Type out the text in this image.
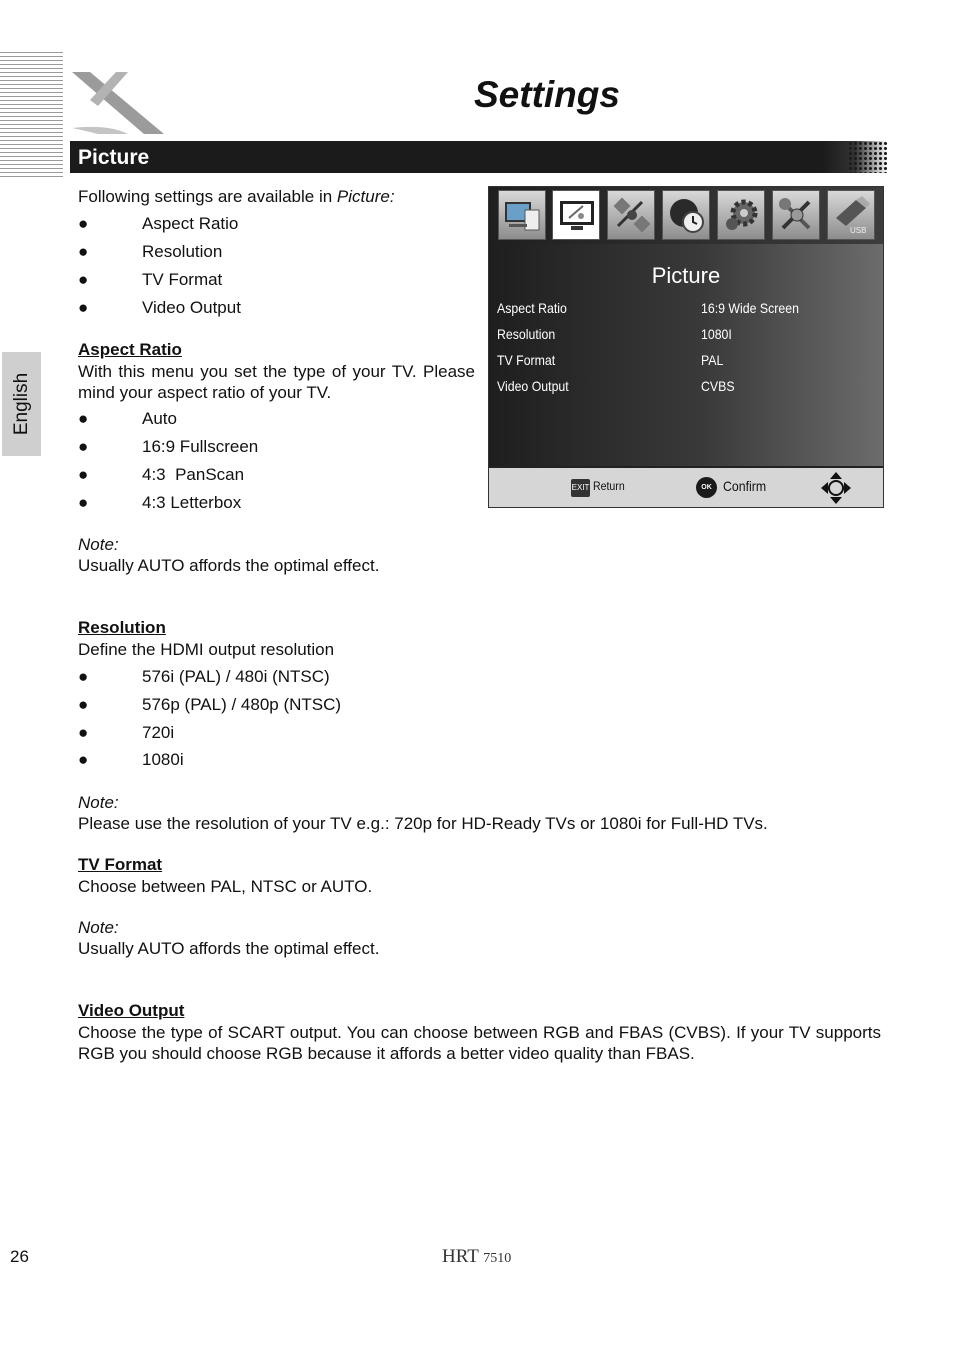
English
Settings
Picture
Following settings are available in Picture:
●	Aspect Ratio
●	Resolution
●	TV Format
●	Video Output
Aspect Ratio
With this menu you set the type of your TV. Please mind your aspect ratio of your TV.
●	Auto
●	16:9 Fullscreen
●	4:3  PanScan
●	4:3 Letterbox
Note:
Usually AUTO affords the optimal effect.
Resolution
Define the HDMI output resolution
●	576i (PAL) / 480i (NTSC)
●	576p (PAL) / 480p (NTSC)
●	720i
●	1080i
Note:
Please use the resolution of your TV e.g.: 720p for HD-Ready TVs or 1080i for Full-HD TVs.
TV Format
Choose between PAL, NTSC or AUTO.
Note:
Usually AUTO affords the optimal effect.
Video Output
Choose the type of SCART output. You can choose between RGB and FBAS (CVBS). If your TV supports RGB you should choose RGB because it affords a better video quality than FBAS.
USB
Picture
Aspect Ratio	16:9 Wide Screen
Resolution	1080I
TV Format	PAL
Video Output	CVBS
EXIT Return	OK Confirm
26	HRT 7510
